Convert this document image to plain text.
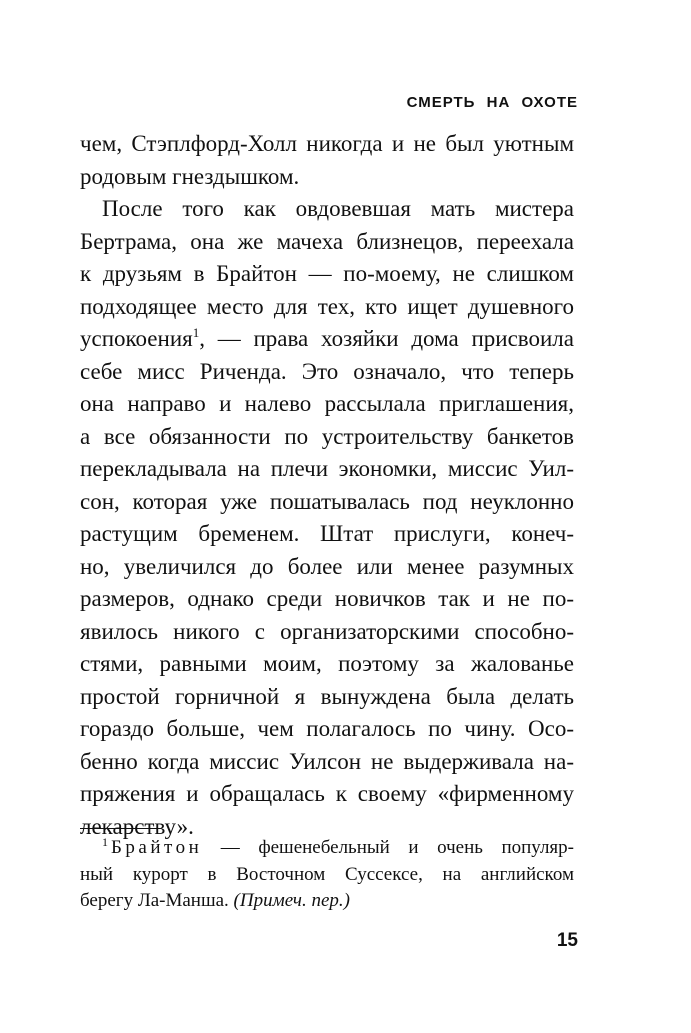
СМЕРТЬ НА ОХОТЕ
чем, Стэплфорд-Холл никогда и не был уютным
родовым гнездышком.
После того как овдовевшая мать мистера
Бертрама, она же мачеха близнецов, переехала
к друзьям в Брайтон — по-моему, не слишком
подходящее место для тех, кто ищет душевного
успокоения$^1$, — права хозяйки дома присвоила
себе мисс Риченда. Это означало, что теперь
она направо и налево рассылала приглашения,
а все обязанности по устроительству банкетов
перекладывала на плечи экономки, миссис Уил-
сон, которая уже пошатывалась под неуклонно
растущим бременем. Штат прислуги, конеч-
но, увеличился до более или менее разумных
размеров, однако среди новичков так и не по-
явилось никого с организаторскими способно-
стями, равными моим, поэтому за жалованье
простой горничной я вынуждена была делать
гораздо больше, чем полагалось по чину. Осо-
бенно когда миссис Уилсон не выдерживала на-
пряжения и обращалась к своему «фирменному
лекарству».
$^1$ Брайтон — фешенебельный и очень популяр-
ный курорт в Восточном Суссексе, на английском
берегу Ла-Манша. (Примеч. пер.)
15
